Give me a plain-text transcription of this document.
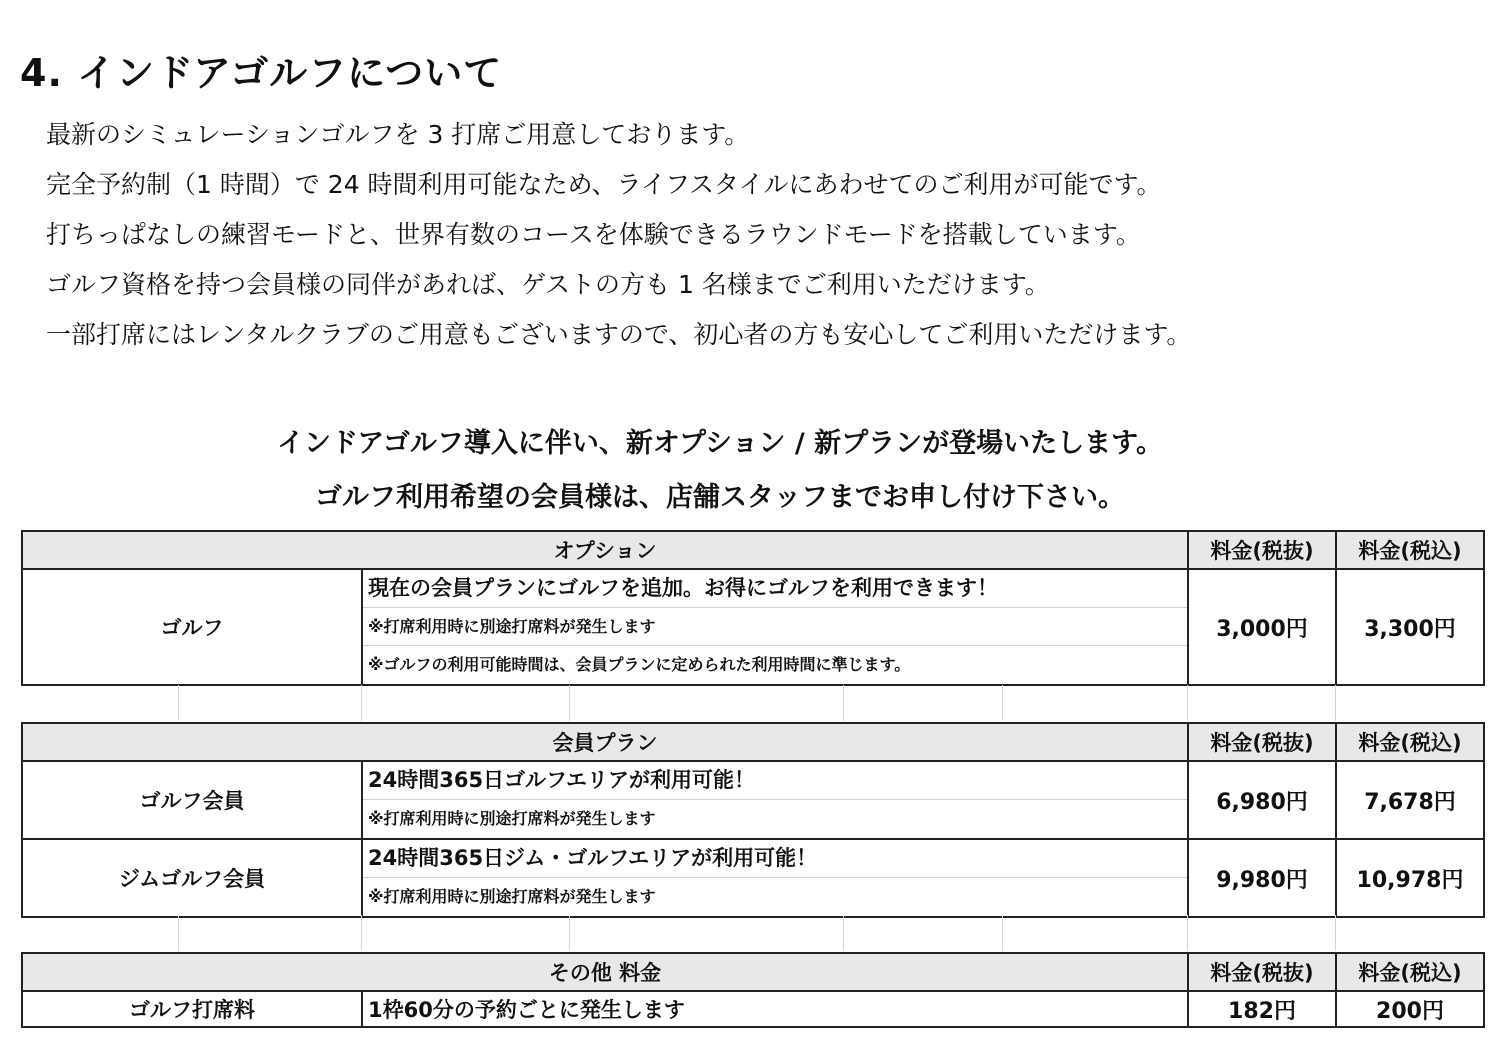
4. インドアゴルフについて
最新のシミュレーションゴルフを 3 打席ご用意しております。
完全予約制（1 時間）で 24 時間利用可能なため、ライフスタイルにあわせてのご利用が可能です。
打ちっぱなしの練習モードと、世界有数のコースを体験できるラウンドモードを搭載しています。
ゴルフ資格を持つ会員様の同伴があれば、ゲストの方も 1 名様までご利用いただけます。
一部打席にはレンタルクラブのご用意もございますので、初心者の方も安心してご利用いただけます。
インドアゴルフ導入に伴い、新オプション / 新プランが登場いたします。
ゴルフ利用希望の会員様は、店舗スタッフまでお申し付け下さい。
オプション		料金(税抜)	料金(税込)
ゴルフ	現在の会員プランにゴルフを追加。お得にゴルフを利用できます！
※打席利用時に別途打席料が発生します
※ゴルフの利用可能時間は、会員プランに定められた利用時間に準じます。	3,000円	3,300円
会員プラン		料金(税抜)	料金(税込)
ゴルフ会員	24時間365日ゴルフエリアが利用可能！
※打席利用時に別途打席料が発生します	6,980円	7,678円
ジムゴルフ会員	24時間365日ジム・ゴルフエリアが利用可能！
※打席利用時に別途打席料が発生します	9,980円	10,978円
その他 料金		料金(税抜)	料金(税込)
ゴルフ打席料	1枠60分の予約ごとに発生します	182円	200円
